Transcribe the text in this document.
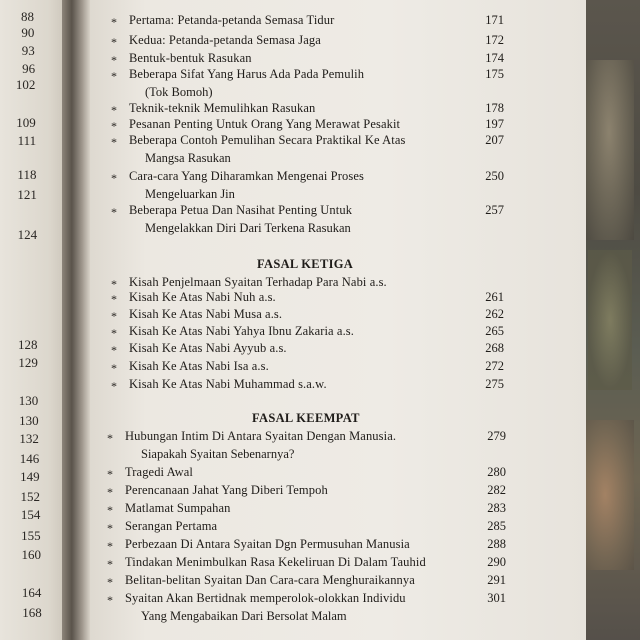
88
90
93
96
102
109
111
118
121
124
128
129
130
130
132
146
149
152
154
155
160
164
168
* Pertama: Petanda-petanda Semasa Tidur	171
* Kedua: Petanda-petanda Semasa Jaga	172
* Bentuk-bentuk Rasukan	174
* Beberapa Sifat Yang Harus Ada Pada Pemulih
(Tok Bomoh)
175
* Teknik-teknik Memulihkan Rasukan	178
* Pesanan Penting Untuk Orang Yang Merawat Pesakit	197
* Beberapa Contoh Pemulihan Secara Praktikal Ke Atas
Mangsa Rasukan
207
* Cara-cara Yang Diharamkan Mengenai Proses
Mengeluarkan Jin
250
* Beberapa Petua Dan Nasihat Penting Untuk
Mengelakkan Diri Dari Terkena Rasukan
257
FASAL KETIGA
* Kisah Penjelmaan Syaitan Terhadap Para Nabi a.s.
* Kisah Ke Atas Nabi Nuh a.s.	261
* Kisah Ke Atas Nabi Musa a.s.	262
* Kisah Ke Atas Nabi Yahya Ibnu Zakaria a.s.	265
* Kisah Ke Atas Nabi Ayyub a.s.	268
* Kisah Ke Atas Nabi Isa a.s.	272
* Kisah Ke Atas Nabi Muhammad s.a.w.	275
FASAL KEEMPAT
* Hubungan Intim Di Antara Syaitan Dengan Manusia.
Siapakah Syaitan Sebenarnya?
279
* Tragedi Awal	280
* Perencanaan Jahat Yang Diberi Tempoh	282
* Matlamat Sumpahan	283
* Serangan Pertama	285
* Perbezaan Di Antara Syaitan Dgn Permusuhan Manusia	288
* Tindakan Menimbulkan Rasa Kekeliruan Di Dalam Tauhid	290
* Belitan-belitan Syaitan Dan Cara-cara Menghuraikannya	291
* Syaitan Akan Bertidnak memperolok-olokkan Individu
Yang Mengabaikan Dari Bersolat Malam
301
